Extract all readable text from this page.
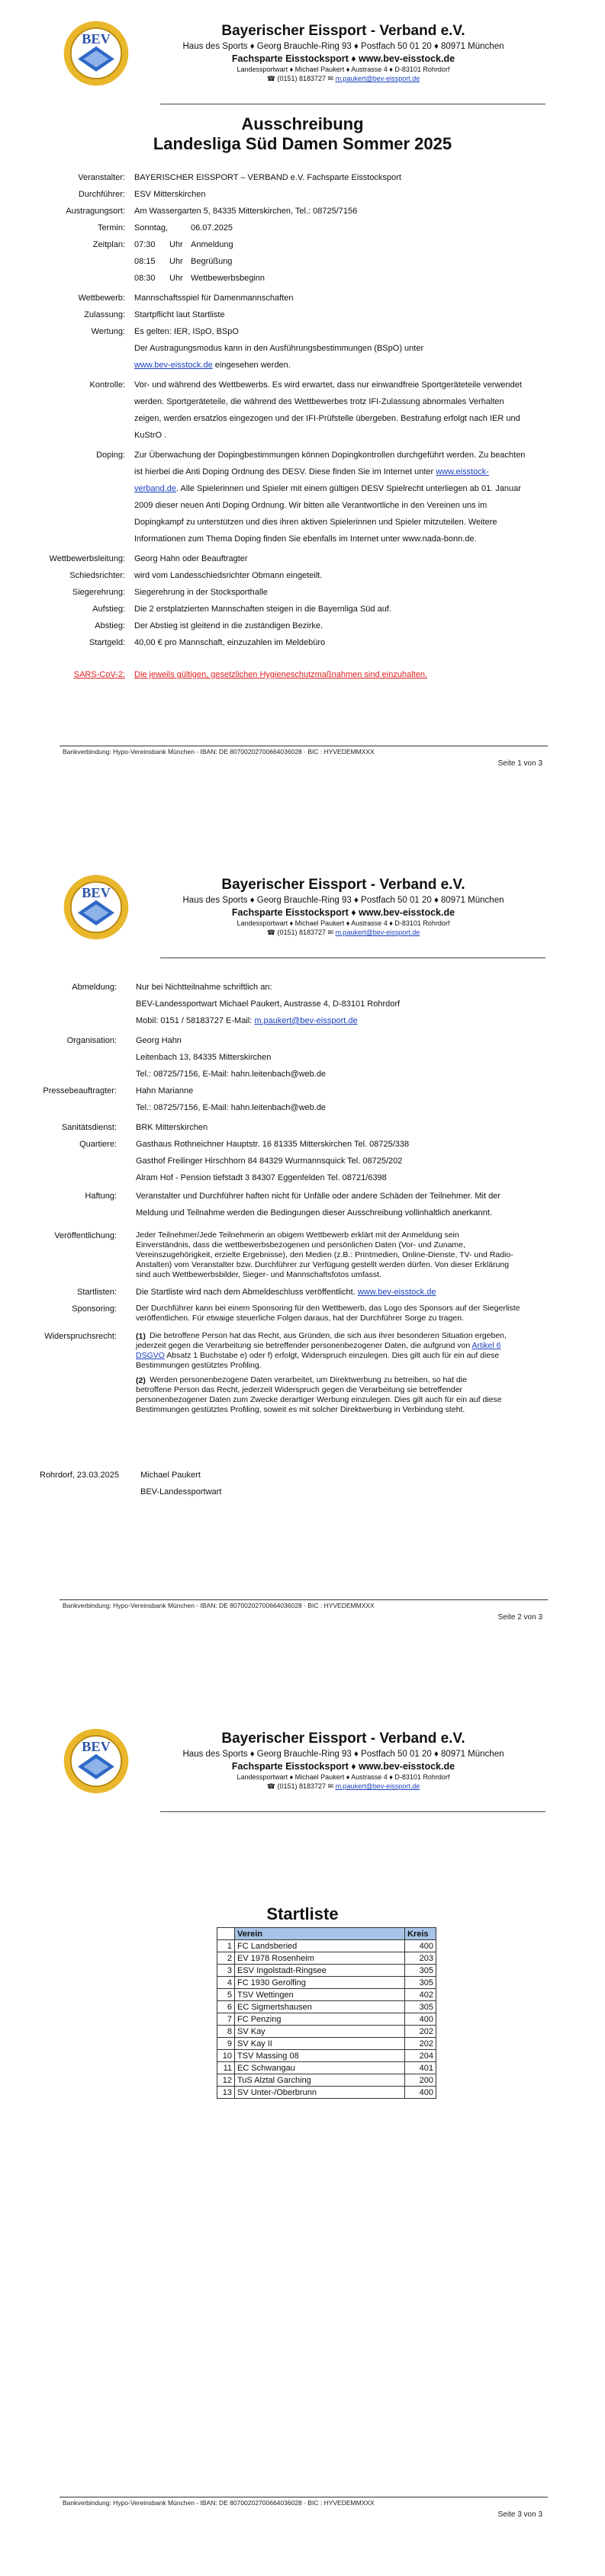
BEV
Bayerischer Eissport - Verband e.V.
Haus des Sports ♦ Georg Brauchle-Ring 93 ♦ Postfach 50 01 20 ♦ 80971 München
Fachsparte Eisstocksport ♦ www.bev-eisstock.de
Landessportwart ♦ Michael Paukert ♦ Austrasse 4 ♦ D-83101 Rohrdorf
☎ (0151) 8183727 ✉ m.paukert@bev-eissport.de
Ausschreibung
Landesliga Süd Damen Sommer 2025
Veranstalter: BAYERISCHER EISSPORT – VERBAND e.V. Fachsparte Eisstocksport
Durchführer: ESV Mitterskirchen
Austragungsort: Am Wassergarten 5, 84335 Mitterskirchen, Tel.: 08725/7156
Termin: Sonntag,	06.07.2025
Zeitplan: 07:30 Uhr Anmeldung
08:15 Uhr Begrüßung
08:30 Uhr Wettbewerbsbeginn
Wettbewerb: Mannschaftsspiel für Damenmannschaften
Zulassung: Startpflicht laut Startliste
Wertung: Es gelten: IER, ISpO, BSpO
Der Austragungsmodus kann in den Ausführungsbestimmungen (BSpO) unter
www.bev-eisstock.de eingesehen werden.
Kontrolle: Vor- und während des Wettbewerbs. Es wird erwartet, dass nur einwandfreie Sportgeräteteile verwendet
werden. Sportgeräteteile, die während des Wettbewerbes trotz IFI-Zulassung abnormales Verhalten
zeigen, werden ersatzlos eingezogen und der IFI-Prüfstelle übergeben. Bestrafung erfolgt nach IER und
KuStrO .
Doping: Zur Überwachung der Dopingbestimmungen können Dopingkontrollen durchgeführt werden. Zu beachten
ist hierbei die Anti Doping Ordnung des DESV. Diese finden Sie im Internet unter www.eisstock-
verband.de. Alle Spielerinnen und Spieler mit einem gültigen DESV Spielrecht unterliegen ab 01. Januar
2009 dieser neuen Anti Doping Ordnung. Wir bitten alle Verantwortliche in den Vereinen uns im
Dopingkampf zu unterstützen und dies ihren aktiven Spielerinnen und Spieler mitzuteilen. Weitere
Informationen zum Thema Doping finden Sie ebenfalls im Internet unter www.nada-bonn.de.
Wettbewerbsleitung: Georg Hahn oder Beauftragter
Schiedsrichter: wird vom Landesschiedsrichter Obmann eingeteilt.
Siegerehrung: Siegerehrung in der Stocksporthalle
Aufstieg: Die 2 erstplatzierten Mannschaften steigen in die Bayernliga Süd auf.
Abstieg: Der Abstieg ist gleitend in die zuständigen Bezirke.
Startgeld: 40,00 € pro Mannschaft, einzuzahlen im Meldebüro
SARS-CoV-2: Die jeweils gültigen, gesetzlichen Hygieneschutzmaßnahmen sind einzuhalten.
Bankverbindung: Hypo-Vereinsbank München - IBAN: DE 80700202700664036028 · BIC : HYVEDEMMXXX
Seite 1 von 3
BEV
Bayerischer Eissport - Verband e.V.
Haus des Sports ♦ Georg Brauchle-Ring 93 ♦ Postfach 50 01 20 ♦ 80971 München
Fachsparte Eisstocksport ♦ www.bev-eisstock.de
Landessportwart ♦ Michael Paukert ♦ Austrasse 4 ♦ D-83101 Rohrdorf
☎ (0151) 8183727 ✉ m.paukert@bev-eissport.de
Abmeldung: Nur bei Nichtteilnahme schriftlich an:
BEV-Landessportwart Michael Paukert, Austrasse 4, D-83101 Rohrdorf
Mobil: 0151 / 58183727 E-Mail: m.paukert@bev-eissport.de
Organisation: Georg Hahn
Leitenbach 13, 84335 Mitterskirchen
Tel.: 08725/7156, E-Mail: hahn.leitenbach@web.de
Pressebeauftragter: Hahn Marianne
Tel.: 08725/7156, E-Mail: hahn.leitenbach@web.de
Sanitätsdienst: BRK Mitterskirchen
Quartiere: Gasthaus Rothneichner Hauptstr. 16 81335 Mitterskirchen Tel. 08725/338
Gasthof Freilinger Hirschhorn 84 84329 Wurmannsquick Tel. 08725/202
Alram Hof - Pension tiefstadt 3 84307 Eggenfelden Tel. 08721/6398
Haftung: Veranstalter und Durchführer haften nicht für Unfälle oder andere Schäden der Teilnehmer. Mit der
Meldung und Teilnahme werden die Bedingungen dieser Ausschreibung vollinhaltlich anerkannt.
Veröffentlichung: Jeder Teilnehmer/Jede Teilnehmerin an obigem Wettbewerb erklärt mit der Anmeldung sein
Einverständnis, dass die wettbewerbsbezogenen und persönlichen Daten (Vor- und Zuname,
Vereinszugehörigkeit, erzielte Ergebnisse), den Medien (z.B.: Printmedien, Online-Dienste, TV- und Radio-
Anstalten) vom Veranstalter bzw. Durchführer zur Verfügung gestellt werden dürfen. Von dieser Erklärung
sind auch Wettbewerbsbilder, Sieger- und Mannschaftsfotos umfasst.
Startlisten: Die Startliste wird nach dem Abmeldeschluss veröffentlicht. www.bev-eisstock.de
Sponsoring: Der Durchführer kann bei einem Sponsoring für den Wettbewerb, das Logo des Sponsors auf der Siegerliste
veröffentlichen. Für etwaige steuerliche Folgen daraus, hat der Durchführer Sorge zu tragen.
Widerspruchsrecht: (1) Die betroffene Person hat das Recht, aus Gründen, die sich aus ihrer besonderen Situation ergeben,
jederzeit gegen die Verarbeitung sie betreffender personenbezogener Daten, die aufgrund von Artikel 6
DSGVO Absatz 1 Buchstabe e) oder f) erfolgt, Widerspruch einzulegen. Dies gilt auch für ein auf diese
Bestimmungen gestütztes Profiling.
(2) Werden personenbezogene Daten verarbeitet, um Direktwerbung zu betreiben, so hat die
betroffene Person das Recht, jederzeit Widerspruch gegen die Verarbeitung sie betreffender
personenbezogener Daten zum Zwecke derartiger Werbung einzulegen. Dies gilt auch für ein auf diese
Bestimmungen gestütztes Profiling, soweit es mit solcher Direktwerbung in Verbindung steht.
Rohrdorf, 23.03.2025	Michael Paukert
BEV-Landessportwart
Bankverbindung: Hypo-Vereinsbank München - IBAN: DE 80700202700664036028 · BIC : HYVEDEMMXXX
Seite 2 von 3
BEV
Bayerischer Eissport - Verband e.V.
Haus des Sports ♦ Georg Brauchle-Ring 93 ♦ Postfach 50 01 20 ♦ 80971 München
Fachsparte Eisstocksport ♦ www.bev-eisstock.de
Landessportwart ♦ Michael Paukert ♦ Austrasse 4 ♦ D-83101 Rohrdorf
☎ (0151) 8183727 ✉ m.paukert@bev-eissport.de
Startliste
Bankverbindung: Hypo-Vereinsbank München - IBAN: DE 80700202700664036028 · BIC : HYVEDEMMXXX
Seite 3 von 3
	Verein	Kreis
1	FC Landsberied	400
2	EV 1978 Rosenheim	203
3	ESV Ingolstadt-Ringsee	305
4	FC 1930 Gerolfing	305
5	TSV Wettingen	402
6	EC Sigmertshausen	305
7	FC Penzing	400
8	SV Kay	202
9	SV Kay II	202
10	TSV Massing 08	204
11	EC Schwangau	401
12	TuS Alztal Garching	200
13	SV Unter-/Oberbrunn	400
